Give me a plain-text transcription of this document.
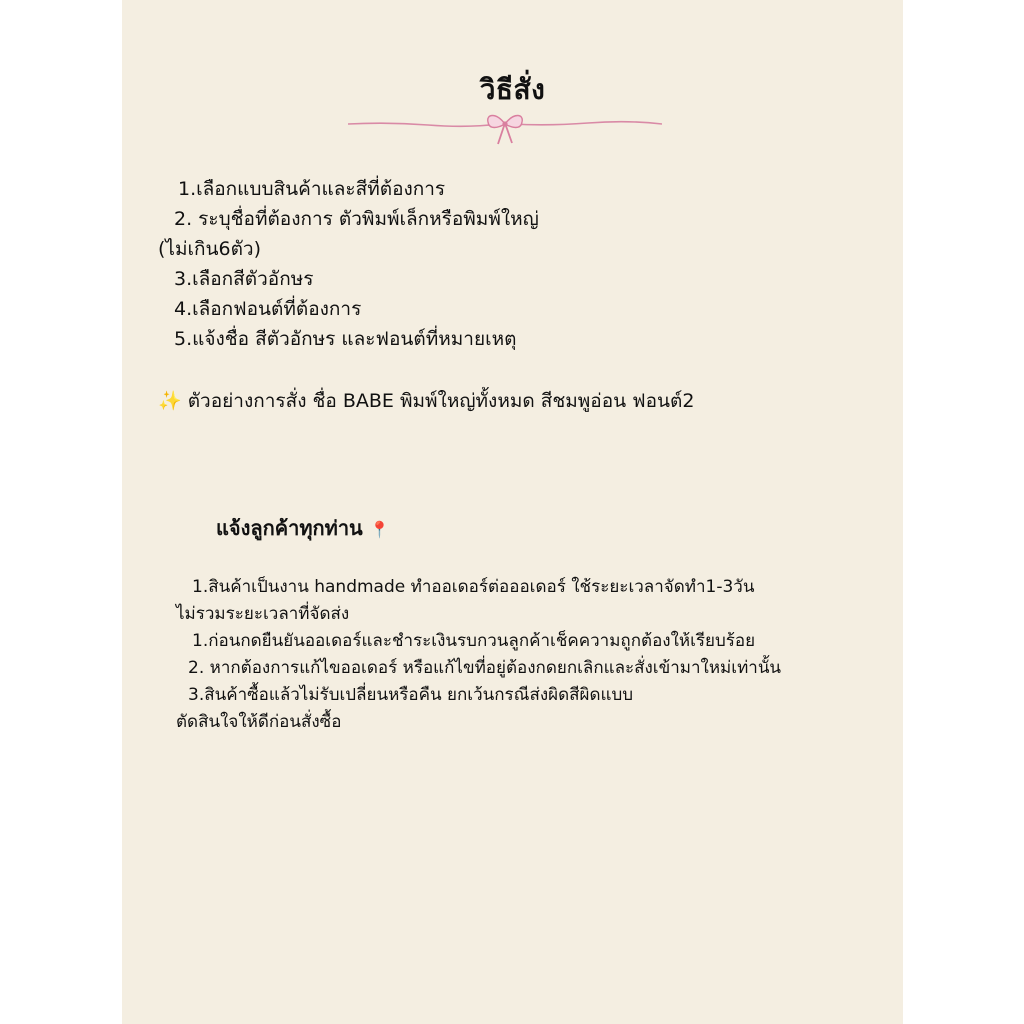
วิธีสั่ง
1.เลือกแบบสินค้าและสีที่ต้องการ
2. ระบุชื่อที่ต้องการ ตัวพิมพ์เล็กหรือพิมพ์ใหญ่
(ไม่เกิน6ตัว)
3.เลือกสีตัวอักษร
4.เลือกฟอนต์ที่ต้องการ
5.แจ้งชื่อ สีตัวอักษร และฟอนต์ที่หมายเหตุ
✨ ตัวอย่างการสั่ง ชื่อ BABE พิมพ์ใหญ่ทั้งหมด สีชมพูอ่อน ฟอนต์2
แจ้งลูกค้าทุกท่าน 📍
1.สินค้าเป็นงาน handmade ทำออเดอร์ต่อออเดอร์ ใช้ระยะเวลาจัดทำ1-3วัน
ไม่รวมระยะเวลาที่จัดส่ง
1.ก่อนกดยืนยันออเดอร์และชำระเงินรบกวนลูกค้าเช็คความถูกต้องให้เรียบร้อย
2. หากต้องการแก้ไขออเดอร์ หรือแก้ไขที่อยู่ต้องกดยกเลิกและสั่งเข้ามาใหม่เท่านั้น
3.สินค้าซื้อแล้วไม่รับเปลี่ยนหรือคืน ยกเว้นกรณีส่งผิดสีผิดแบบ
ตัดสินใจให้ดีก่อนสั่งซื้อ
